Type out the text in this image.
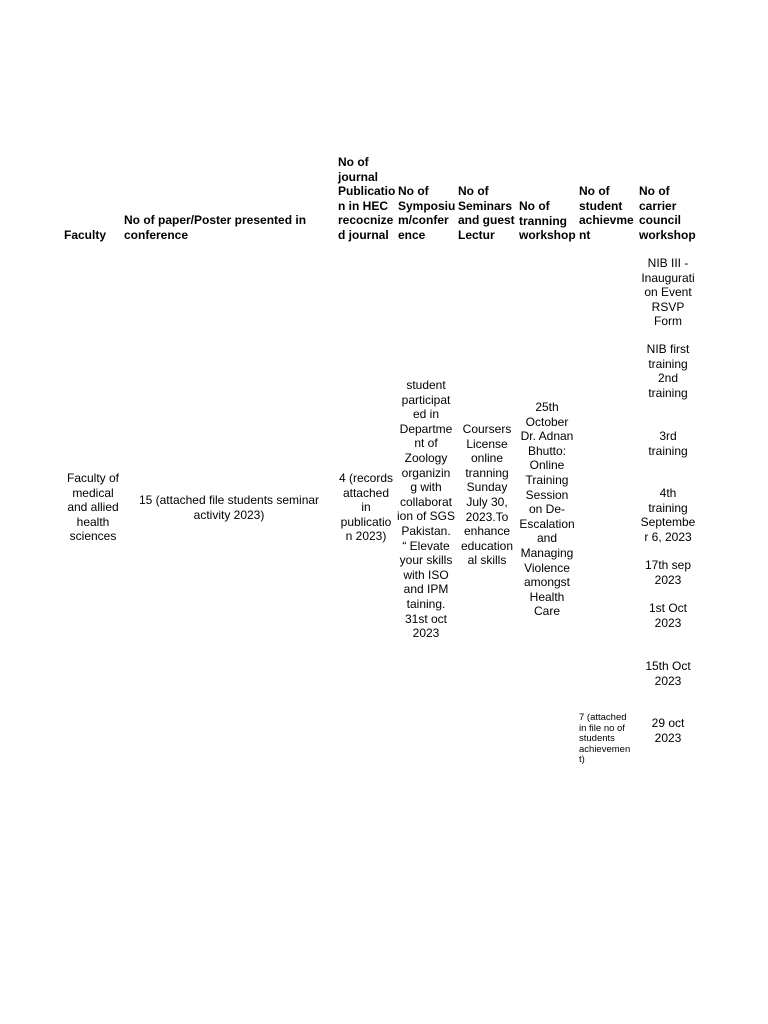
Faculty
No of paper/Poster presented in
conference
No of
journal
Publicatio
n in HEC
recocnize
d journal
No of
Symposiu
m/confer
ence
No of
Seminars
and guest
Lectur
No of
tranning
workshop
No of
student
achievme
nt
No of
carrier
council
workshop
Faculty of
medical
and allied
health
sciences
15 (attached file students seminar
activity 2023)
4 (records
attached
in
publicatio
n 2023)
student
participat
ed in
Departme
nt of
Zoology
organizin
g with
collaborat
ion of SGS
Pakistan.
“ Elevate
your skills
with ISO
and IPM
taining.
31st oct
2023
Coursers
License
online
tranning
Sunday
July 30,
2023.To
enhance
education
al skills
25th
October
Dr. Adnan
Bhutto:
Online
Training
Session
on De-
Escalation
and
Managing
Violence
amongst
Health
Care
7 (attached
in file no of
students
achievemen
t)
NIB III -
Inaugurati
on Event
RSVP
Form
NIB first
training
2nd
training
3rd
training
4th
training
Septembe
r 6, 2023
17th sep
2023
1st Oct
2023
15th Oct
2023
29 oct
2023
